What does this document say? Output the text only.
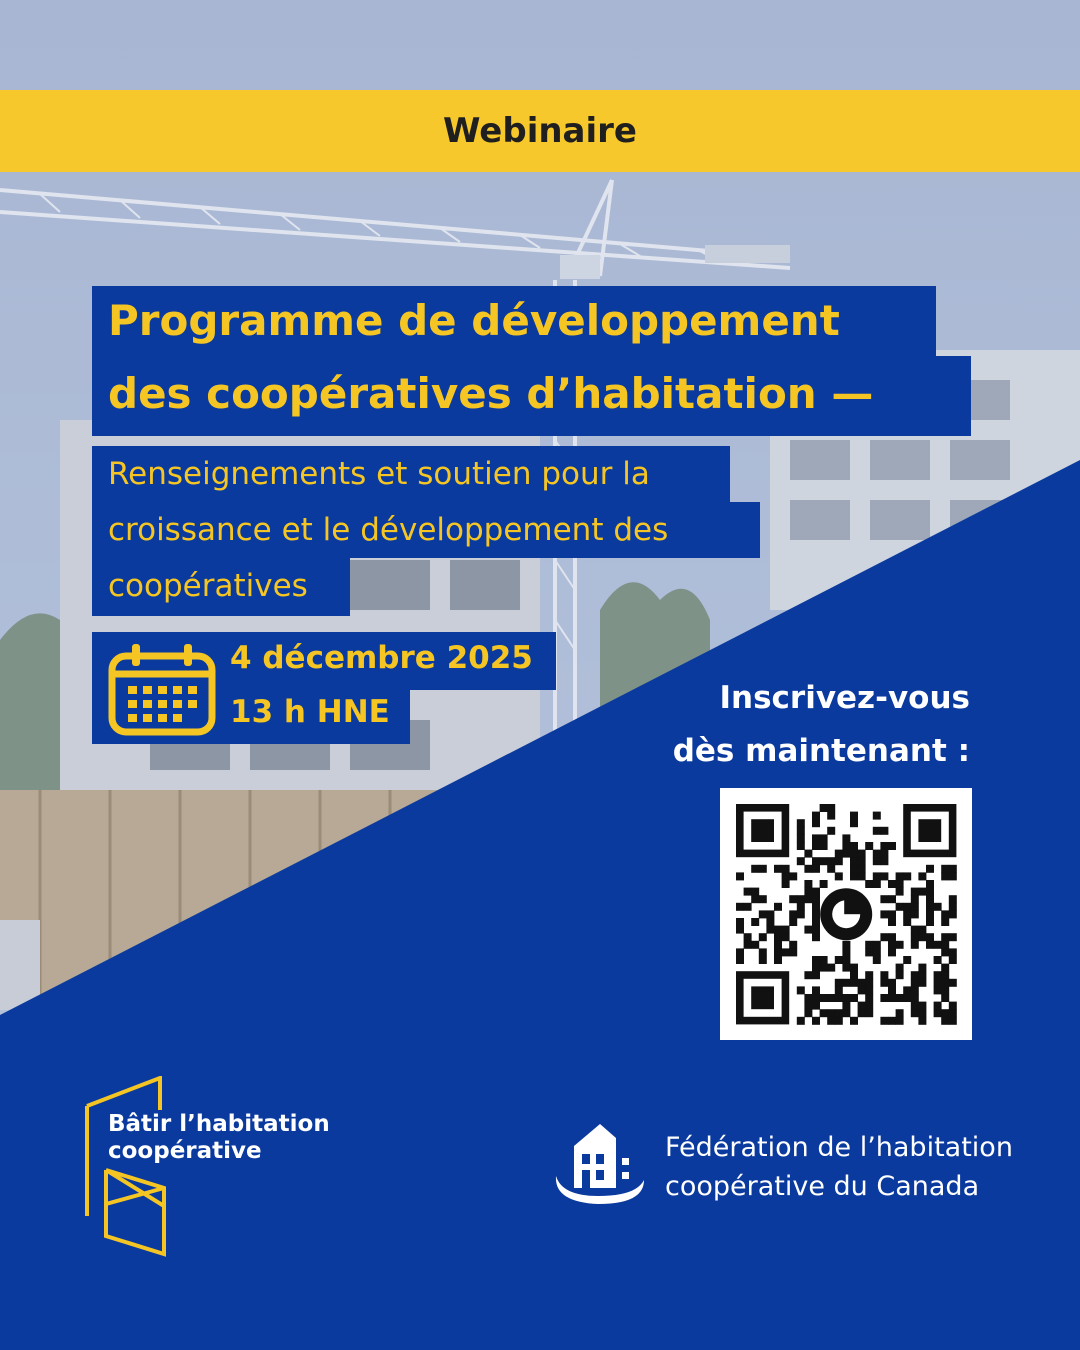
Webinaire
Programme de développement
des coopératives d’habitation —
Renseignements et soutien pour la
croissance et le développement des
coopératives
4 décembre 2025
13 h HNE	Inscrivez-vous
dès maintenant :
Bâtir l’habitation
coopérative	Fédération de l’habitation
coopérative du Canada
